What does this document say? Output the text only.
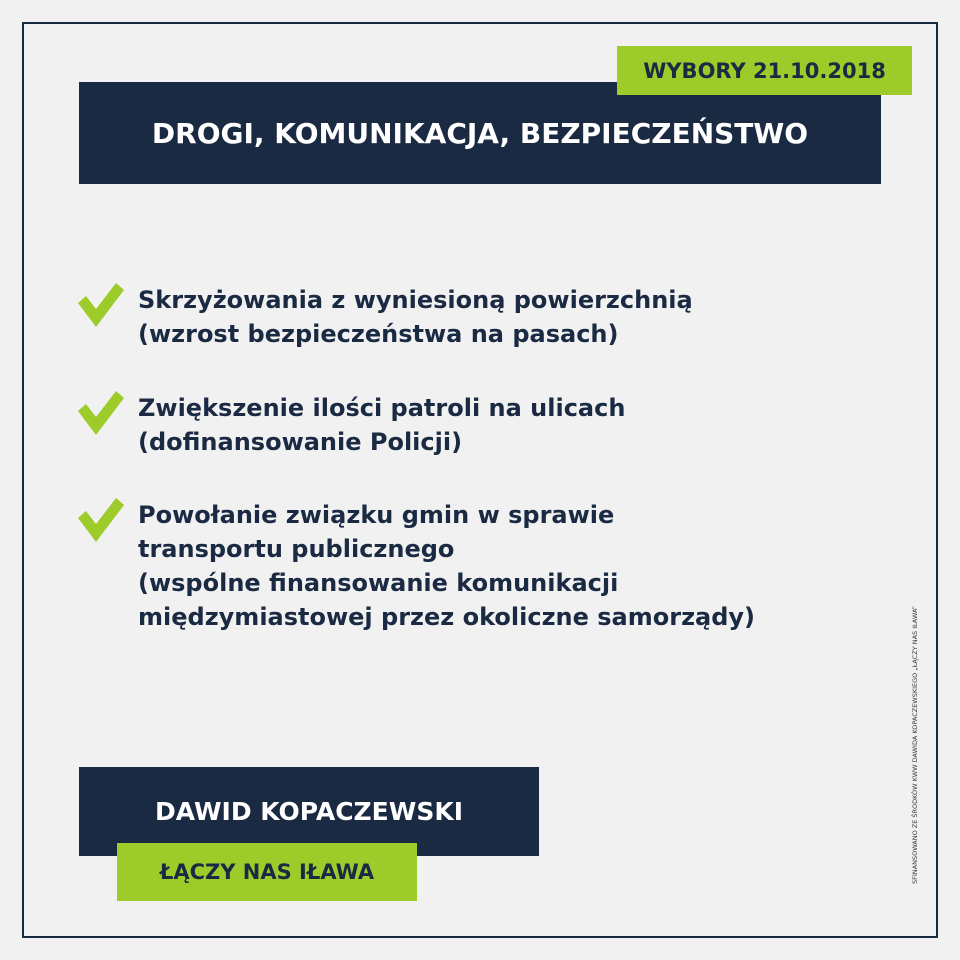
WYBORY 21.10.2018
DROGI, KOMUNIKACJA, BEZPIECZEŃSTWO
Skrzyżowania z wyniesioną powierzchnią
(wzrost bezpieczeństwa na pasach)
Zwiększenie ilości patroli na ulicach
(dofinansowanie Policji)
Powołanie związku gmin w sprawie
transportu publicznego
(wspólne finansowanie komunikacji
międzymiastowej przez okoliczne samorządy)
DAWID KOPACZEWSKI
ŁĄCZY NAS IŁAWA	SFINANSOWANO ZE ŚRODKÓW KWW DAWIDA KOPACZEWSKIEGO „ŁĄCZY NAS IŁAWA”
